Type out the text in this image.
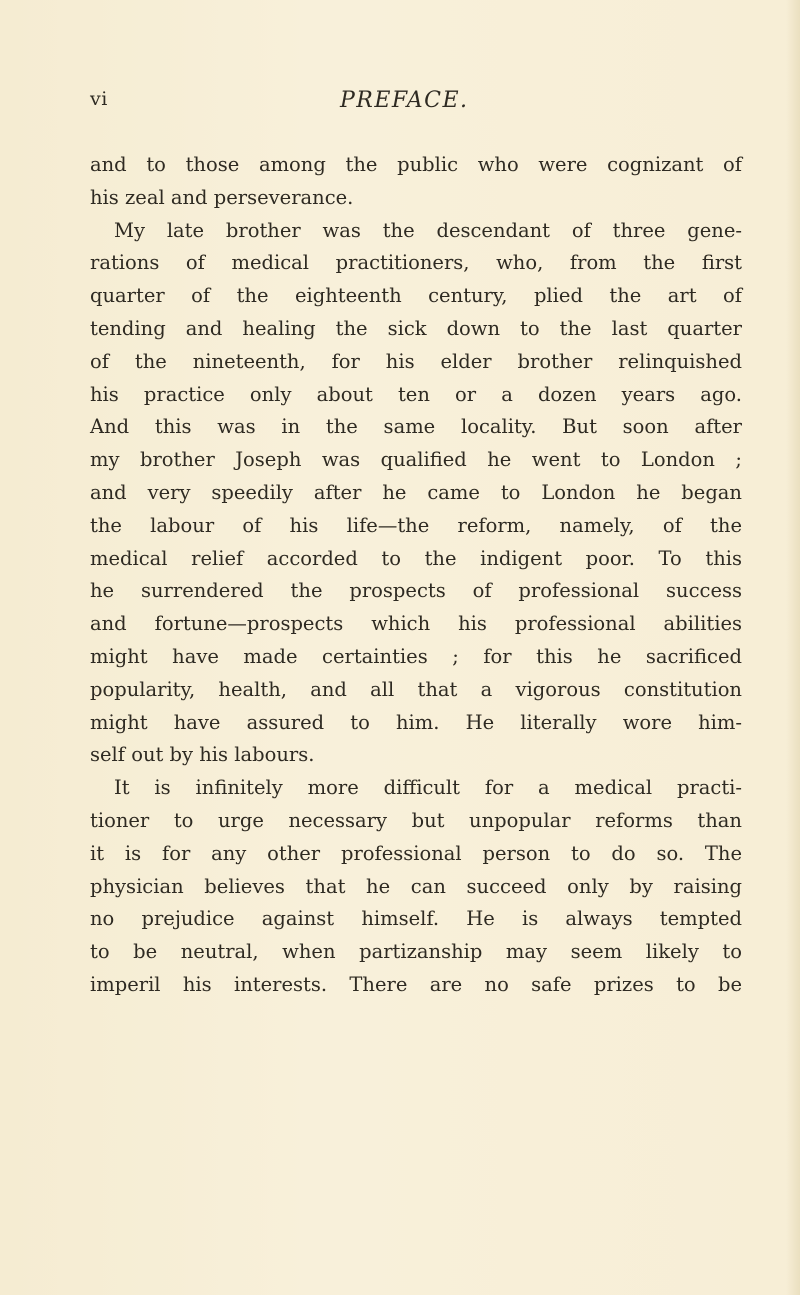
vi	PREFACE.
and to those among the public who were cognizant of
his zeal and perseverance.
My late brother was the descendant of three gene-
rations of medical practitioners, who, from the first
quarter of the eighteenth century, plied the art of
tending and healing the sick down to the last quarter
of the nineteenth, for his elder brother relinquished
his practice only about ten or a dozen years ago.
And this was in the same locality. But soon after
my brother Joseph was qualified he went to London ;
and very speedily after he came to London he began
the labour of his life—the reform, namely, of the
medical relief accorded to the indigent poor. To this
he surrendered the prospects of professional success
and fortune—prospects which his professional abilities
might have made certainties ; for this he sacrificed
popularity, health, and all that a vigorous constitution
might have assured to him. He literally wore him-
self out by his labours.
It is infinitely more difficult for a medical practi-
tioner to urge necessary but unpopular reforms than
it is for any other professional person to do so. The
physician believes that he can succeed only by raising
no prejudice against himself. He is always tempted
to be neutral, when partizanship may seem likely to
imperil his interests. There are no safe prizes to be
